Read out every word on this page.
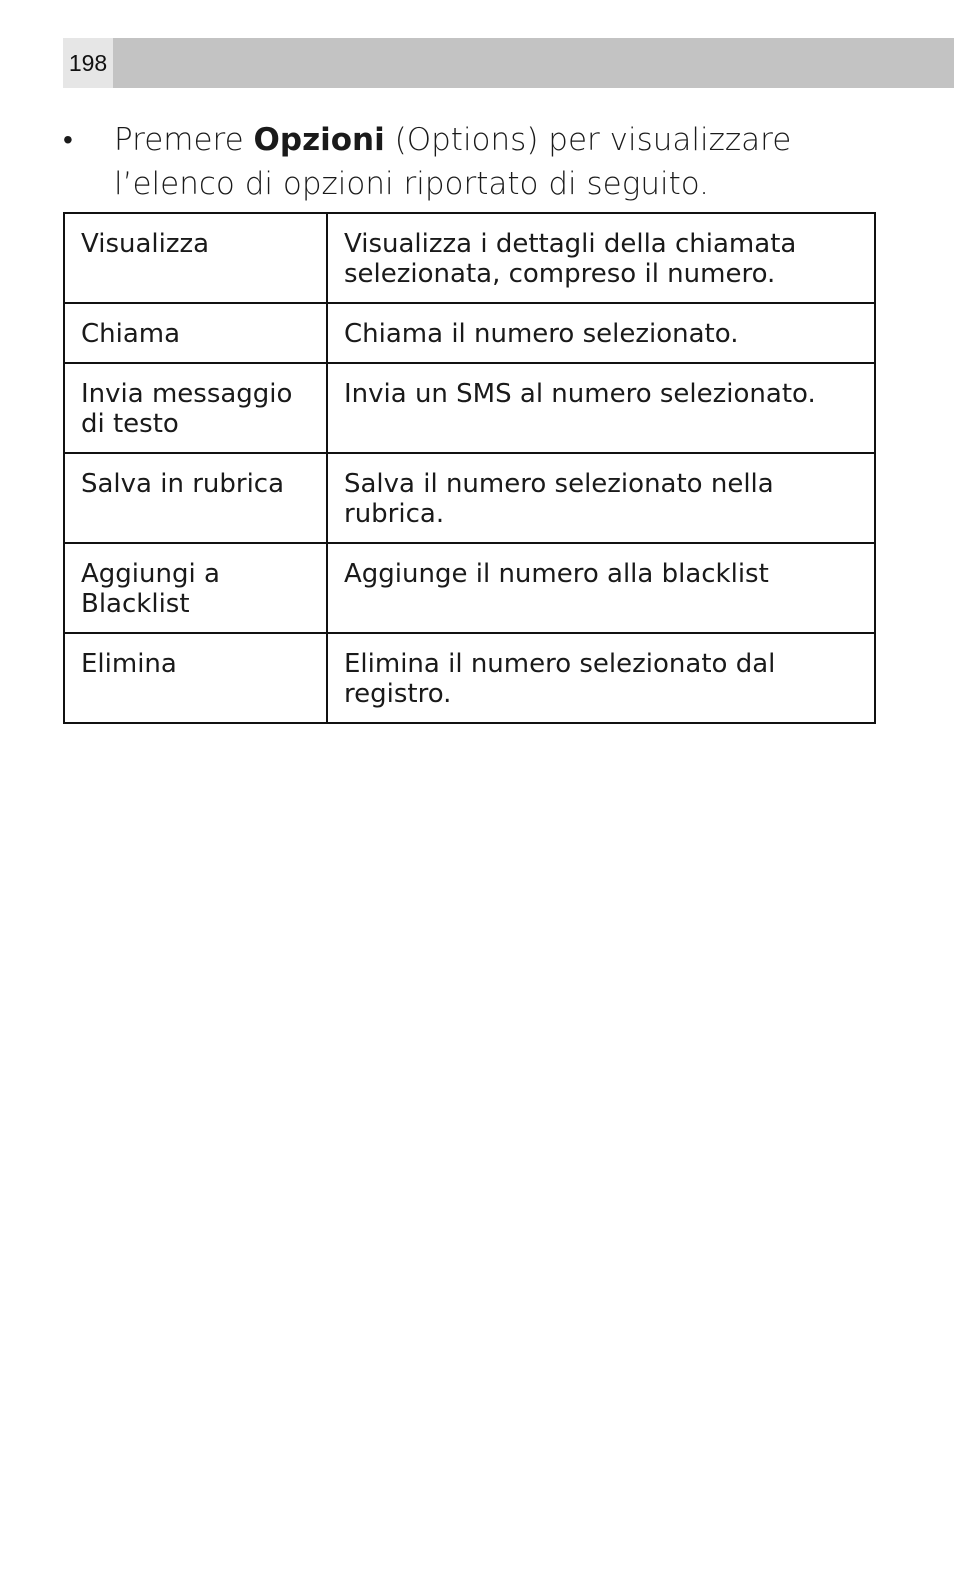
198
•	Premere Opzioni (Options) per visualizzare l’elenco di opzioni riportato di seguito.
Visualizza	Visualizza i dettagli della chiamata selezionata, compreso il numero.
Chiama	Chiama il numero selezionato.
Invia messaggio di testo	Invia un SMS al numero selezionato.
Salva in rubrica	Salva il numero selezionato nella rubrica.
Aggiungi a Blacklist	Aggiunge il numero alla blacklist
Elimina	Elimina il numero selezionato dal registro.
